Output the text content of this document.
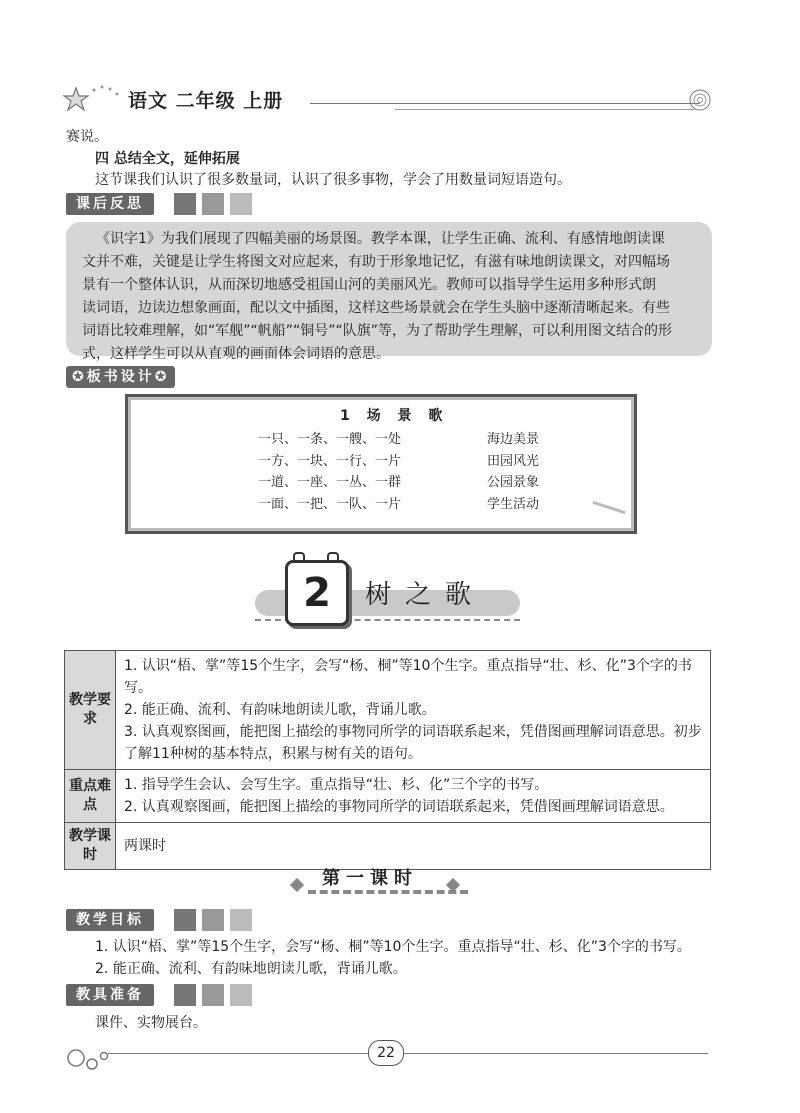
语文 二年级 上册
赛说。
四 总结全文，延伸拓展
这节课我们认识了很多数量词，认识了很多事物，学会了用数量词短语造句。
课后反思
《识字1》为我们展现了四幅美丽的场景图。教学本课，让学生正确、流利、有感情地朗读课
文并不难，关键是让学生将图文对应起来，有助于形象地记忆，有滋有味地朗读课文，对四幅场
景有一个整体认识，从而深切地感受祖国山河的美丽风光。教师可以指导学生运用多种形式朗
读词语，边读边想象画面，配以文中插图，这样这些场景就会在学生头脑中逐渐清晰起来。有些
词语比较难理解，如“军舰”“帆船”“铜号”“队旗”等，为了帮助学生理解，可以利用图文结合的形
式，这样学生可以从直观的画面体会词语的意思。
✪板书设计✪
1 场 景 歌
一只、一条、一艘、一处	海边美景
一方、一块、一行、一片	田园风光
一道、一座、一丛、一群	公园景象
一面、一把、一队、一片	学生活动
2	树之歌
教学要求	1. 认识“梧、掌”等15个生字，会写“杨、桐”等10个生字。重点指导“壮、杉、化”3个字的书写。
2. 能正确、流利、有韵味地朗读儿歌，背诵儿歌。
3. 认真观察图画，能把图上描绘的事物同所学的词语联系起来，凭借图画理解词语意思。初步了解11种树的基本特点，积累与树有关的语句。

重点难点	1. 指导学生会认、会写生字。重点指导“壮、杉、化”三个字的书写。
2. 认真观察图画，能把图上描绘的事物同所学的词语联系起来，凭借图画理解词语意思。

教学课时	两课时
第一课时
教学目标
1. 认识“梧、掌”等15个生字，会写“杨、桐”等10个生字。重点指导“壮、杉、化”3个字的书写。
2. 能正确、流利、有韵味地朗读儿歌，背诵儿歌。
教具准备
课件、实物展台。
22
